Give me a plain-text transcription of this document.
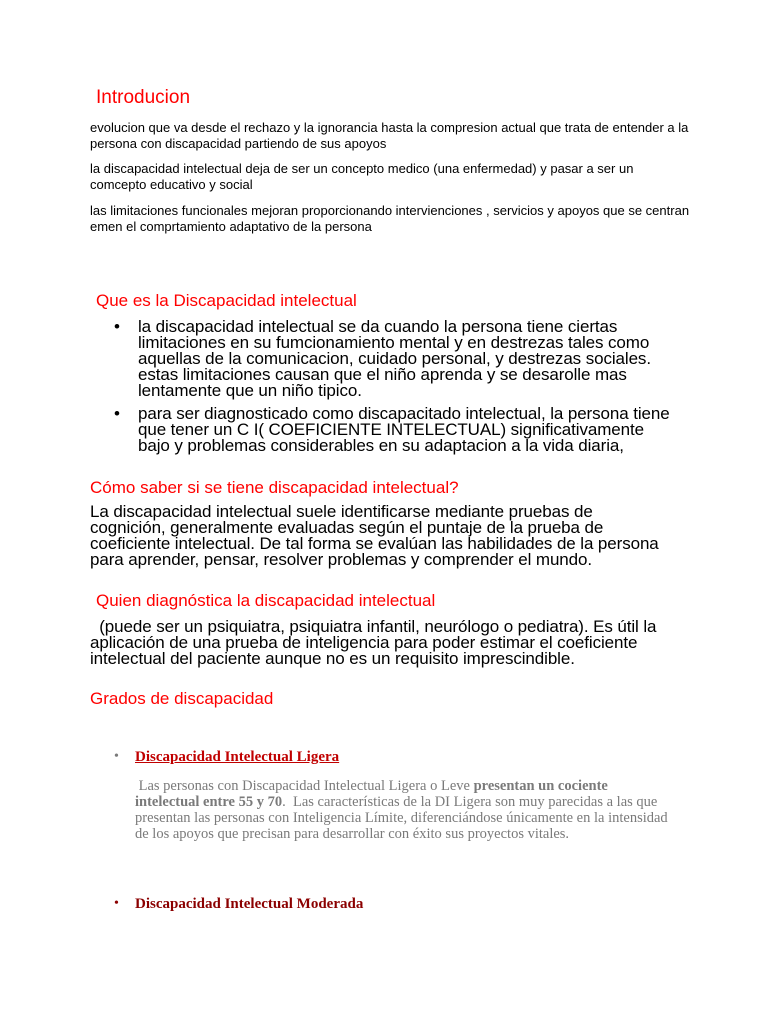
Introducion

evolucion que va desde el rechazo y la ignorancia hasta la compresion actual que trata de entender a la persona con discapacidad partiendo de sus apoyos

la discapacidad intelectual deja de ser un concepto medico (una enfermedad) y pasar a ser un comcepto educativo y social

las limitaciones funcionales mejoran proporcionando intervienciones , servicios y apoyos que se centran emen el comprtamiento adaptativo de la persona

Que es la Discapacidad intelectual
• la discapacidad intelectual se da cuando la persona tiene ciertas limitaciones en su fumcionamiento mental y en destrezas tales como aquellas de la comunicacion, cuidado personal, y destrezas sociales. estas limitaciones causan que el niño aprenda y se desarolle mas lentamente que un niño tipico.
• para ser diagnosticado como discapacitado intelectual, la persona tiene que tener un C I( COEFICIENTE INTELECTUAL) significativamente bajo y problemas considerables en su adaptacion a la vida diaria,
Cómo saber si se tiene discapacidad intelectual?

La discapacidad intelectual suele identificarse mediante pruebas de cognición, generalmente evaluadas según el puntaje de la prueba de coeficiente intelectual. De tal forma se evalúan las habilidades de la persona para aprender, pensar, resolver problemas y comprender el mundo.

Quien diagnóstica la discapacidad intelectual

(puede ser un psiquiatra, psiquiatra infantil, neurólogo o pediatra). Es útil la aplicación de una prueba de inteligencia para poder estimar el coeficiente intelectual del paciente aunque no es un requisito imprescindible.

Grados de discapacidad
• Discapacidad Intelectual Ligera

Las personas con Discapacidad Intelectual Ligera o Leve presentan un cociente intelectual entre 55 y 70.  Las características de la DI Ligera son muy parecidas a las que presentan las personas con Inteligencia Límite, diferenciándose únicamente en la intensidad de los apoyos que precisan para desarrollar con éxito sus proyectos vitales.

• Discapacidad Intelectual Moderada
